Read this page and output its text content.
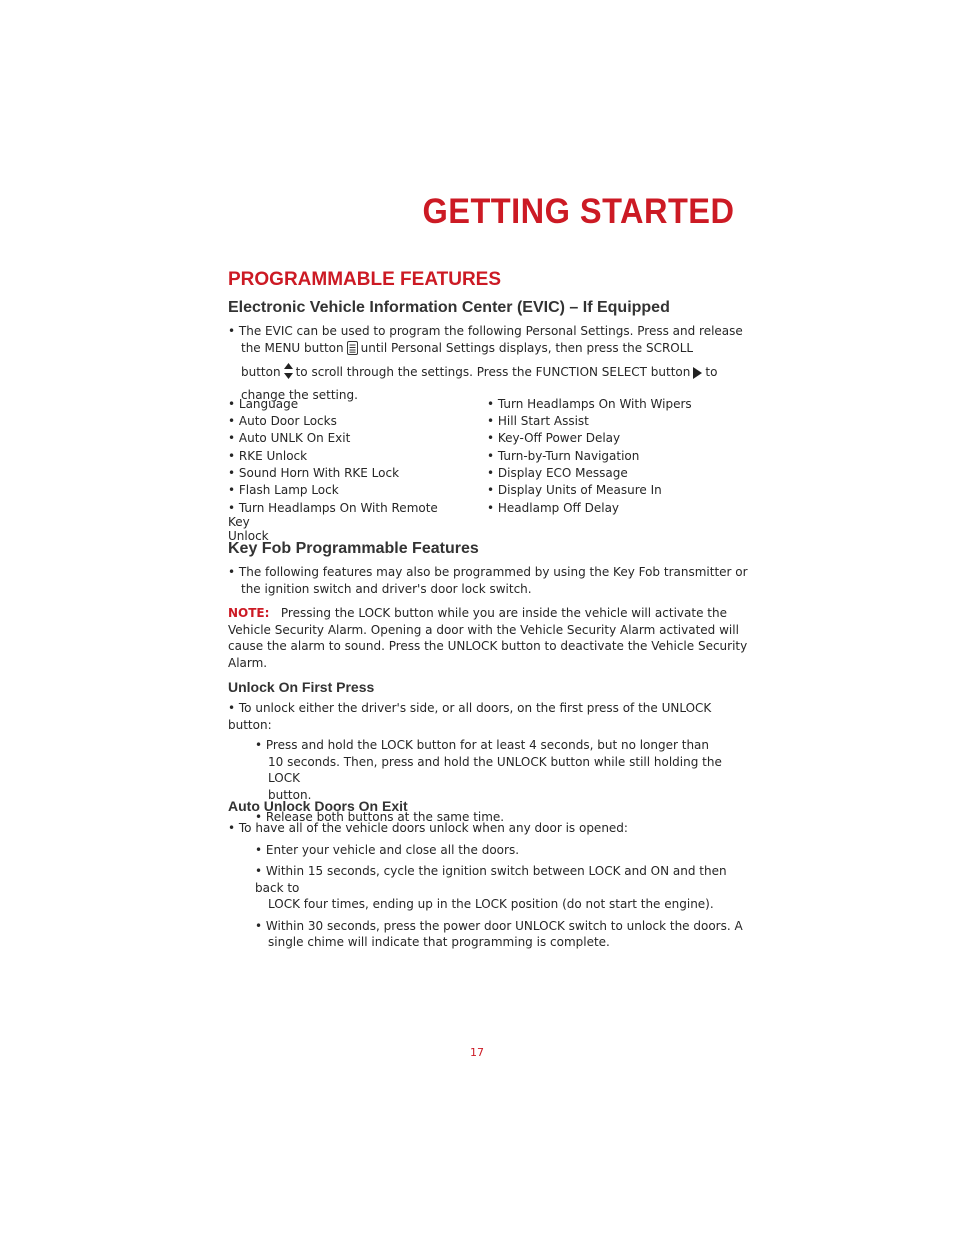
GETTING STARTED
PROGRAMMABLE FEATURES
Electronic Vehicle Information Center (EVIC) – If Equipped
• The EVIC can be used to program the following Personal Settings. Press and release
the MENU button until Personal Settings displays, then press the SCROLL
button to scroll through the settings. Press the FUNCTION SELECT button to
change the setting.
• Language
• Auto Door Locks
• Auto UNLK On Exit
• RKE Unlock
• Sound Horn With RKE Lock
• Flash Lamp Lock
• Turn Headlamps On With Remote Key
Unlock
• Turn Headlamps On With Wipers
• Hill Start Assist
• Key-Off Power Delay
• Turn-by-Turn Navigation
• Display ECO Message
• Display Units of Measure In
• Headlamp Off Delay
Key Fob Programmable Features
• The following features may also be programmed by using the Key Fob transmitter or
the ignition switch and driver's door lock switch.
NOTE: Pressing the LOCK button while you are inside the vehicle will activate the
Vehicle Security Alarm. Opening a door with the Vehicle Security Alarm activated will
cause the alarm to sound. Press the UNLOCK button to deactivate the Vehicle Security
Alarm.
Unlock On First Press
• To unlock either the driver's side, or all doors, on the first press of the UNLOCK button:
• Press and hold the LOCK button for at least 4 seconds, but no longer than
10 seconds. Then, press and hold the UNLOCK button while still holding the LOCK
button.
• Release both buttons at the same time.
Auto Unlock Doors On Exit
• To have all of the vehicle doors unlock when any door is opened:
• Enter your vehicle and close all the doors.
• Within 15 seconds, cycle the ignition switch between LOCK and ON and then back to
LOCK four times, ending up in the LOCK position (do not start the engine).
• Within 30 seconds, press the power door UNLOCK switch to unlock the doors. A
single chime will indicate that programming is complete.
17
